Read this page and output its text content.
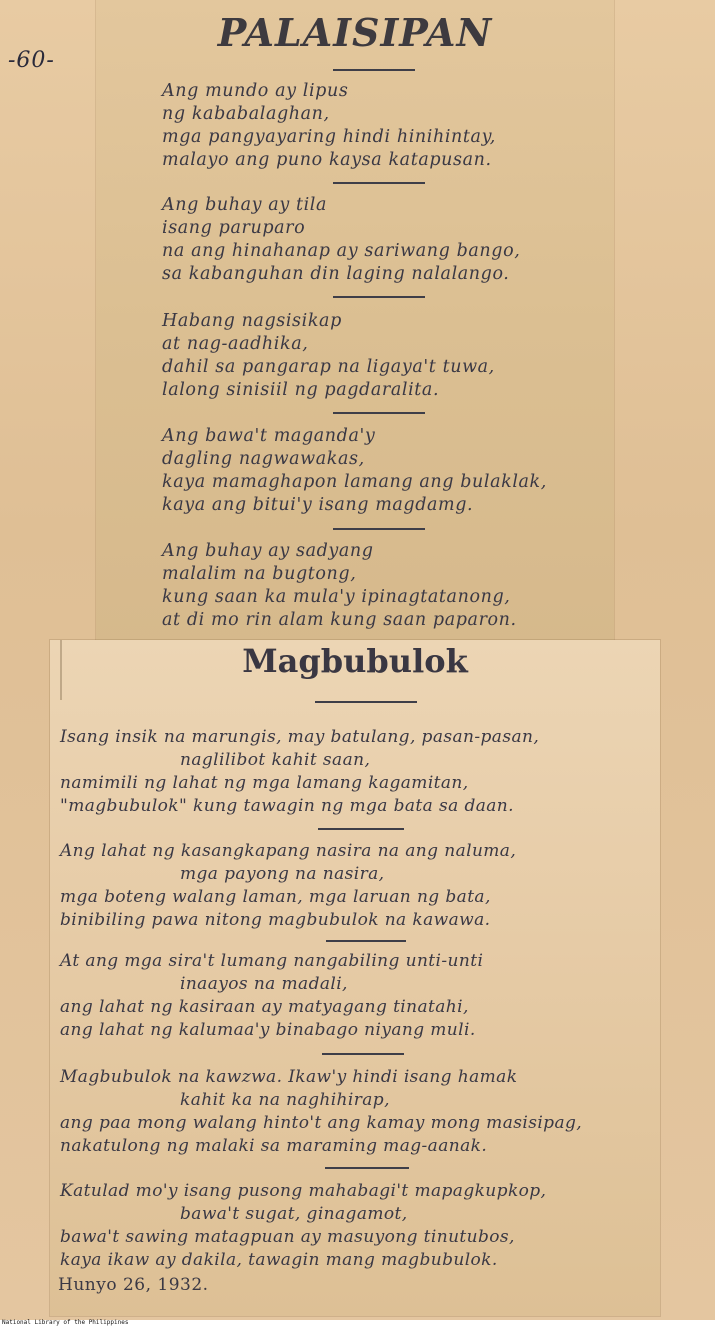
-60-
PALAISIPAN
Ang mundo ay lipus
ng kababalaghan,
mga pangyayaring hindi hinihintay,
malayo ang puno kaysa katapusan.
Ang buhay ay tila
isang paruparo
na ang hinahanap ay sariwang bango,
sa kabanguhan din laging nalalango.
Habang nagsisikap
at nag-aadhika,
dahil sa pangarap na ligaya't tuwa,
lalong sinisiil ng pagdaralita.
Ang bawa't maganda'y
dagling nagwawakas,
kaya mamaghapon lamang ang bulaklak,
kaya ang bitui'y isang magdamg.
Ang buhay ay sadyang
malalim na bugtong,
kung saan ka mula'y ipinagtatanong,
at di mo rin alam kung saan paparon.
Magbubulok
Isang insik na marungis, may batulang, pasan-pasan,
naglilibot kahit saan,
namimili ng lahat ng mga lamang kagamitan,
"magbubulok" kung tawagin ng mga bata sa daan.
Ang lahat ng kasangkapang nasira na ang naluma,
mga payong na nasira,
mga boteng walang laman, mga laruan ng bata,
binibiling pawa nitong magbubulok na kawawa.
At ang mga sira't lumang nangabiling unti-unti
inaayos na madali,
ang lahat ng kasiraan ay matyagang tinatahi,
ang lahat ng kalumaa'y binabago niyang muli.
Magbubulok na kawzwa. Ikaw'y hindi isang hamak
kahit ka na naghihirap,
ang paa mong walang hinto't ang kamay mong masisipag,
nakatulong ng malaki sa maraming mag-aanak.
Katulad mo'y isang pusong mahabagi't mapagkupkop,
bawa't sugat, ginagamot,
bawa't sawing matagpuan ay masuyong tinutubos,
kaya ikaw ay dakila, tawagin mang magbubulok.
Hunyo 26, 1932.
National Library of the Philippines
